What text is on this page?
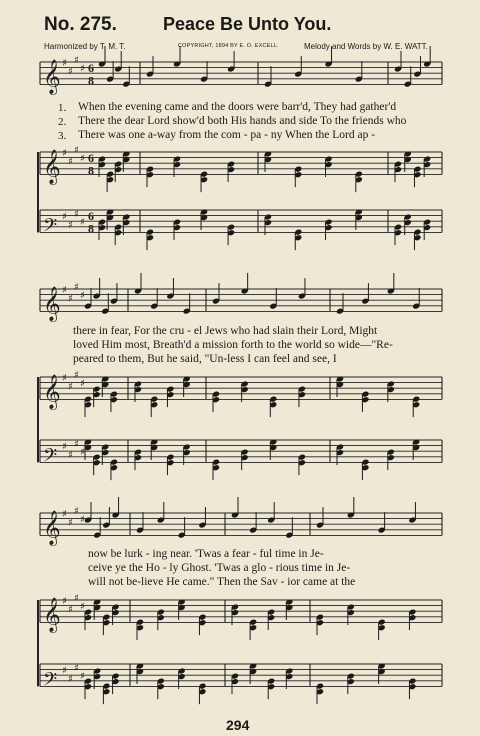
No. 275.	Peace Be Unto You.
Harmonized by T. M. T.	COPYRIGHT, 1894 BY E. O. EXCELL.	Melody and Words by W. E. WATT.
𝄞 ♯
♯
♯
♯ 6
8
𝄞 ♯
♯
♯
♯ 6
8
𝄢 ♯
♯
♯
♯ 6
8
𝄞 ♯
♯
♯
♯
𝄞 ♯
♯
♯
♯
𝄢 ♯
♯
♯
♯
𝄞 ♯
♯
♯
♯
𝄞 ♯
♯
♯
♯
𝄢 ♯
♯
♯
♯
1. When the evening came and the doors were barr'd, They had gather'd
2. There the dear Lord show'd both His hands and side To the friends who
3. There was one a-way from the com - pa - ny When the Lord ap -
there in fear, For the cru - el Jews who had slain their Lord, Might
loved Him most, Breath'd a mission forth to the world so wide—"Re-
peared to them, But he said, "Un-less I can feel and see, I
now be lurk - ing near. 'Twas a fear - ful time in Je-
ceive ye the Ho - ly Ghost. 'Twas a glo - rious time in Je-
will not be-lieve He came." Then the Sav - ior came at the
294
